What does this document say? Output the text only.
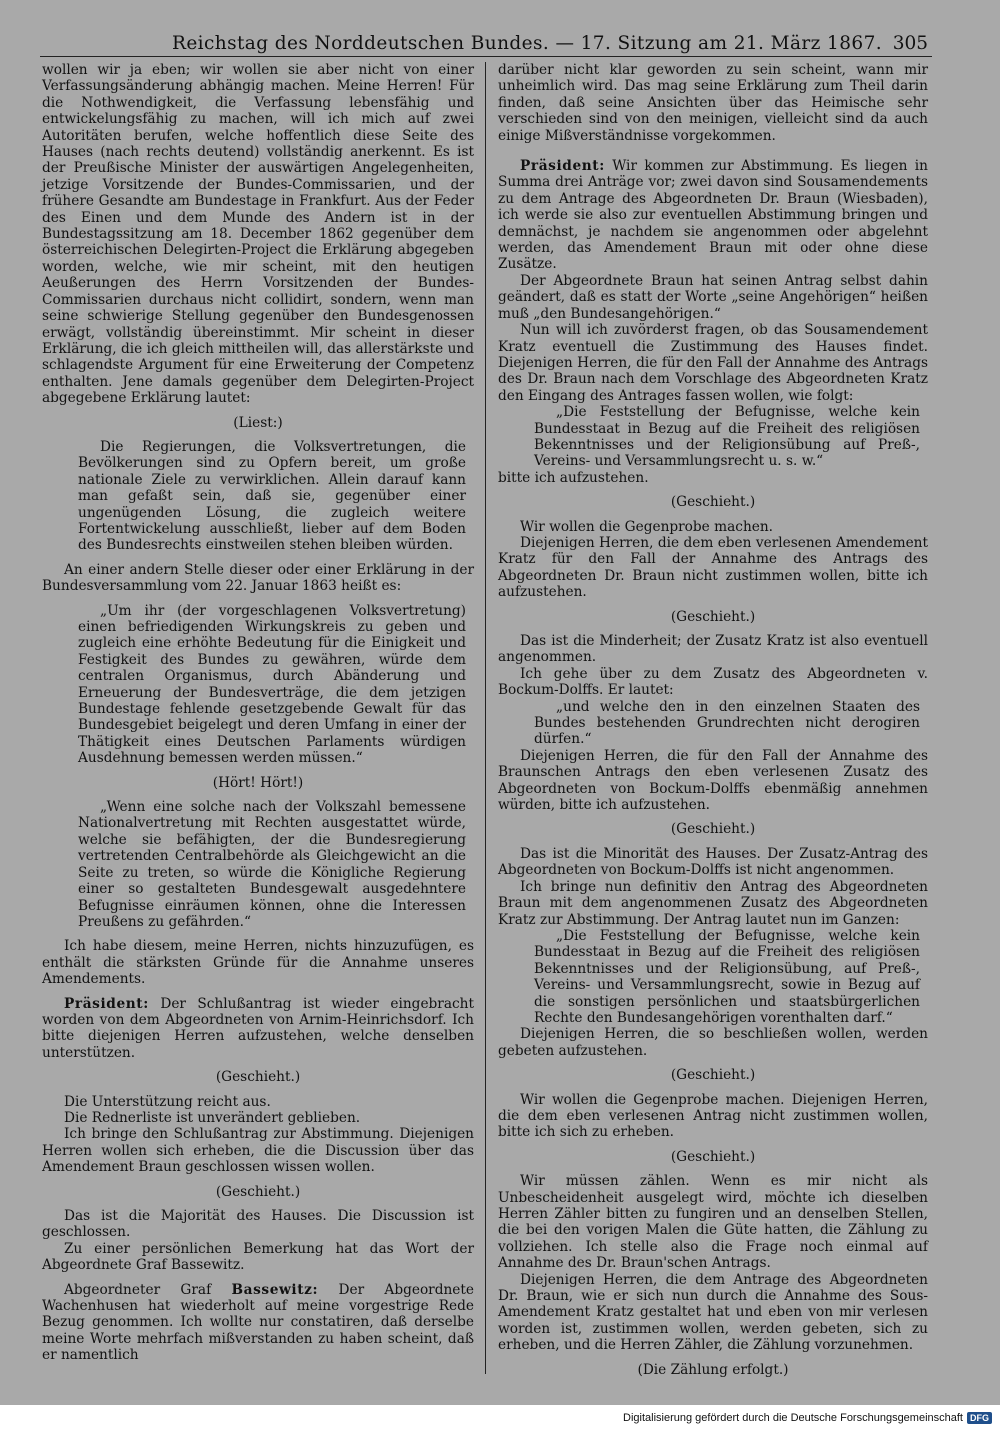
Reichstag des Norddeutschen Bundes. — 17. Sitzung am 21. März 1867. 305

wollen wir ja eben; wir wollen sie aber nicht von einer Verfassungsänderung abhängig machen. Meine Herren! Für die Nothwendigkeit, die Verfassung lebensfähig und entwickelungsfähig zu machen, will ich mich auf zwei Autoritäten berufen, welche hoffentlich diese Seite des Hauses (nach rechts deutend) vollständig anerkennt. Es ist der Preußische Minister der auswärtigen Angelegenheiten, jetzige Vorsitzende der Bundes-Commissarien, und der frühere Gesandte am Bundestage in Frankfurt. Aus der Feder des Einen und dem Munde des Andern ist in der Bundestagssitzung am 18. December 1862 gegenüber dem österreichischen Delegirten-Project die Erklärung abgegeben worden, welche, wie mir scheint, mit den heutigen Aeußerungen des Herrn Vorsitzenden der Bundes-Commissarien durchaus nicht collidirt, sondern, wenn man seine schwierige Stellung gegenüber den Bundesgenossen erwägt, vollständig übereinstimmt. Mir scheint in dieser Erklärung, die ich gleich mittheilen will, das allerstärkste und schlagendste Argument für eine Erweiterung der Competenz enthalten. Jene damals gegenüber dem Delegirten-Project abgegebene Erklärung lautet:

(Liest:)

Die Regierungen, die Volksvertretungen, die Bevölkerungen sind zu Opfern bereit, um große nationale Ziele zu verwirklichen. Allein darauf kann man gefaßt sein, daß sie, gegenüber einer ungenügenden Lösung, die zugleich weitere Fortentwickelung ausschließt, lieber auf dem Boden des Bundesrechts einstweilen stehen bleiben würden.

An einer andern Stelle dieser oder einer Erklärung in der Bundesversammlung vom 22. Januar 1863 heißt es:

„Um ihr (der vorgeschlagenen Volksvertretung) einen befriedigenden Wirkungskreis zu geben und zugleich eine erhöhte Bedeutung für die Einigkeit und Festigkeit des Bundes zu gewähren, würde dem centralen Organismus, durch Abänderung und Erneuerung der Bundesverträge, die dem jetzigen Bundestage fehlende gesetzgebende Gewalt für das Bundesgebiet beigelegt und deren Umfang in einer der Thätigkeit eines Deutschen Parlaments würdigen Ausdehnung bemessen werden müssen.“

(Hört! Hört!)

„Wenn eine solche nach der Volkszahl bemessene Nationalvertretung mit Rechten ausgestattet würde, welche sie befähigten, der die Bundesregierung vertretenden Centralbehörde als Gleichgewicht an die Seite zu treten, so würde die Königliche Regierung einer so gestalteten Bundesgewalt ausgedehntere Befugnisse einräumen können, ohne die Interessen Preußens zu gefährden.“

Ich habe diesem, meine Herren, nichts hinzuzufügen, es enthält die stärksten Gründe für die Annahme unseres Amendements.

Präsident: Der Schlußantrag ist wieder eingebracht worden von dem Abgeordneten von Arnim-Heinrichsdorf. Ich bitte diejenigen Herren aufzustehen, welche denselben unterstützen.

(Geschieht.)

Die Unterstützung reicht aus.

Die Rednerliste ist unverändert geblieben.

Ich bringe den Schlußantrag zur Abstimmung. Diejenigen Herren wollen sich erheben, die die Discussion über das Amendement Braun geschlossen wissen wollen.

(Geschieht.)

Das ist die Majorität des Hauses. Die Discussion ist geschlossen.

Zu einer persönlichen Bemerkung hat das Wort der Abgeordnete Graf Bassewitz.

Abgeordneter Graf Bassewitz: Der Abgeordnete Wachenhusen hat wiederholt auf meine vorgestrige Rede Bezug genommen. Ich wollte nur constatiren, daß derselbe meine Worte mehrfach mißverstanden zu haben scheint, daß er namentlich

darüber nicht klar geworden zu sein scheint, wann mir unheimlich wird. Das mag seine Erklärung zum Theil darin finden, daß seine Ansichten über das Heimische sehr verschieden sind von den meinigen, vielleicht sind da auch einige Mißverständnisse vorgekommen.

Präsident: Wir kommen zur Abstimmung. Es liegen in Summa drei Anträge vor; zwei davon sind Sousamendements zu dem Antrage des Abgeordneten Dr. Braun (Wiesbaden), ich werde sie also zur eventuellen Abstimmung bringen und demnächst, je nachdem sie angenommen oder abgelehnt werden, das Amendement Braun mit oder ohne diese Zusätze.

Der Abgeordnete Braun hat seinen Antrag selbst dahin geändert, daß es statt der Worte „seine Angehörigen“ heißen muß „den Bundesangehörigen.“

Nun will ich zuvörderst fragen, ob das Sousamendement Kratz eventuell die Zustimmung des Hauses findet. Diejenigen Herren, die für den Fall der Annahme des Antrags des Dr. Braun nach dem Vorschlage des Abgeordneten Kratz den Eingang des Antrages fassen wollen, wie folgt:

„Die Feststellung der Befugnisse, welche kein Bundesstaat in Bezug auf die Freiheit des religiösen Bekenntnisses und der Religionsübung auf Preß-, Vereins- und Versammlungsrecht u. s. w.“

bitte ich aufzustehen.

(Geschieht.)

Wir wollen die Gegenprobe machen.

Diejenigen Herren, die dem eben verlesenen Amendement Kratz für den Fall der Annahme des Antrags des Abgeordneten Dr. Braun nicht zustimmen wollen, bitte ich aufzustehen.

(Geschieht.)

Das ist die Minderheit; der Zusatz Kratz ist also eventuell angenommen.

Ich gehe über zu dem Zusatz des Abgeordneten v. Bockum-Dolffs. Er lautet:

„und welche den in den einzelnen Staaten des Bundes bestehenden Grundrechten nicht derogiren dürfen.“

Diejenigen Herren, die für den Fall der Annahme des Braunschen Antrags den eben verlesenen Zusatz des Abgeordneten von Bockum-Dolffs ebenmäßig annehmen würden, bitte ich aufzustehen.

(Geschieht.)

Das ist die Minorität des Hauses. Der Zusatz-Antrag des Abgeordneten von Bockum-Dolffs ist nicht angenommen.

Ich bringe nun definitiv den Antrag des Abgeordneten Braun mit dem angenommenen Zusatz des Abgeordneten Kratz zur Abstimmung. Der Antrag lautet nun im Ganzen:

„Die Feststellung der Befugnisse, welche kein Bundesstaat in Bezug auf die Freiheit des religiösen Bekenntnisses und der Religionsübung, auf Preß-, Vereins- und Versammlungsrecht, sowie in Bezug auf die sonstigen persönlichen und staatsbürgerlichen Rechte den Bundesangehörigen vorenthalten darf.“

Diejenigen Herren, die so beschließen wollen, werden gebeten aufzustehen.

(Geschieht.)

Wir wollen die Gegenprobe machen. Diejenigen Herren, die dem eben verlesenen Antrag nicht zustimmen wollen, bitte ich sich zu erheben.

(Geschieht.)

Wir müssen zählen. Wenn es mir nicht als Unbescheidenheit ausgelegt wird, möchte ich dieselben Herren Zähler bitten zu fungiren und an denselben Stellen, die bei den vorigen Malen die Güte hatten, die Zählung zu vollziehen. Ich stelle also die Frage noch einmal auf Annahme des Dr. Braun'schen Antrags.

Diejenigen Herren, die dem Antrage des Abgeordneten Dr. Braun, wie er sich nun durch die Annahme des Sous-Amendement Kratz gestaltet hat und eben von mir verlesen worden ist, zustimmen wollen, werden gebeten, sich zu erheben, und die Herren Zähler, die Zählung vorzunehmen.

(Die Zählung erfolgt.)

Digitalisierung gefördert durch die Deutsche Forschungsgemeinschaft DFG
